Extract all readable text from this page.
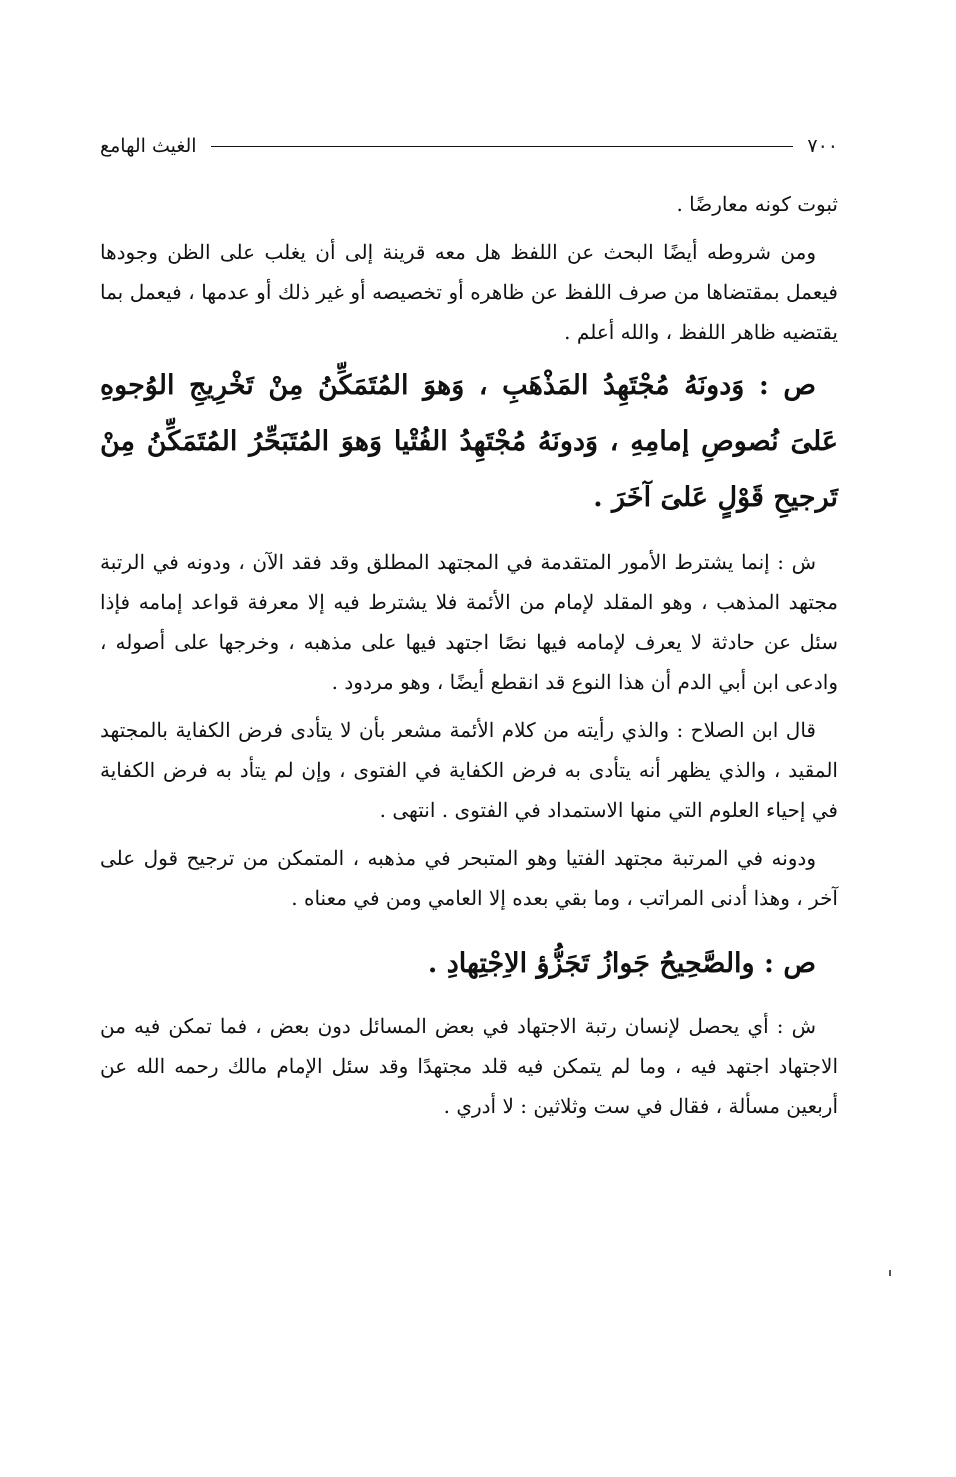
٧٠٠
الغيث الهامع

ثبوت كونه معارضًا .

ومن شروطه أيضًا البحث عن اللفظ هل معه قرينة إلى أن يغلب على الظن وجودها فيعمل بمقتضاها من صرف اللفظ عن ظاهره أو تخصيصه أو غير ذلك أو عدمها ، فيعمل بما يقتضيه ظاهر اللفظ ، والله أعلم .

ص : وَدونَهُ مُجْتَهِدُ المَذْهَبِ ، وَهوَ المُتَمَكِّنُ مِنْ تَخْرِيجِ الوُجوهِ عَلىَ نُصوصِ إمامِهِ ، وَدونَهُ مُجْتَهِدُ الفُتْيا وَهوَ المُتَبَحِّرُ المُتَمَكِّنُ مِنْ تَرجيحِ قَوْلٍ عَلىَ آخَرَ .

ش : إنما يشترط الأمور المتقدمة في المجتهد المطلق وقد فقد الآن ، ودونه في الرتبة مجتهد المذهب ، وهو المقلد لإمام من الأئمة فلا يشترط فيه إلا معرفة قواعد إمامه فإذا سئل عن حادثة لا يعرف لإمامه فيها نصًا اجتهد فيها على مذهبه ، وخرجها على أصوله ، وادعى ابن أبي الدم أن هذا النوع قد انقطع أيضًا ، وهو مردود .

قال ابن الصلاح : والذي رأيته من كلام الأئمة مشعر بأن لا يتأدى فرض الكفاية بالمجتهد المقيد ، والذي يظهر أنه يتأدى به فرض الكفاية في الفتوى ، وإن لم يتأد به فرض الكفاية في إحياء العلوم التي منها الاستمداد في الفتوى . انتهى .

ودونه في المرتبة مجتهد الفتيا وهو المتبحر في مذهبه ، المتمكن من ترجيح قول على آخر ، وهذا أدنى المراتب ، وما بقي بعده إلا العامي ومن في معناه .

ص : والصَّحِيحُ جَوازُ تَجَزُّؤ الاِجْتِهادِ .

ش : أي يحصل لإنسان رتبة الاجتهاد في بعض المسائل دون بعض ، فما تمكن فيه من الاجتهاد اجتهد فيه ، وما لم يتمكن فيه قلد مجتهدًا وقد سئل الإمام مالك رحمه الله عن أربعين مسألة ، فقال في ست وثلاثين : لا أدري .
